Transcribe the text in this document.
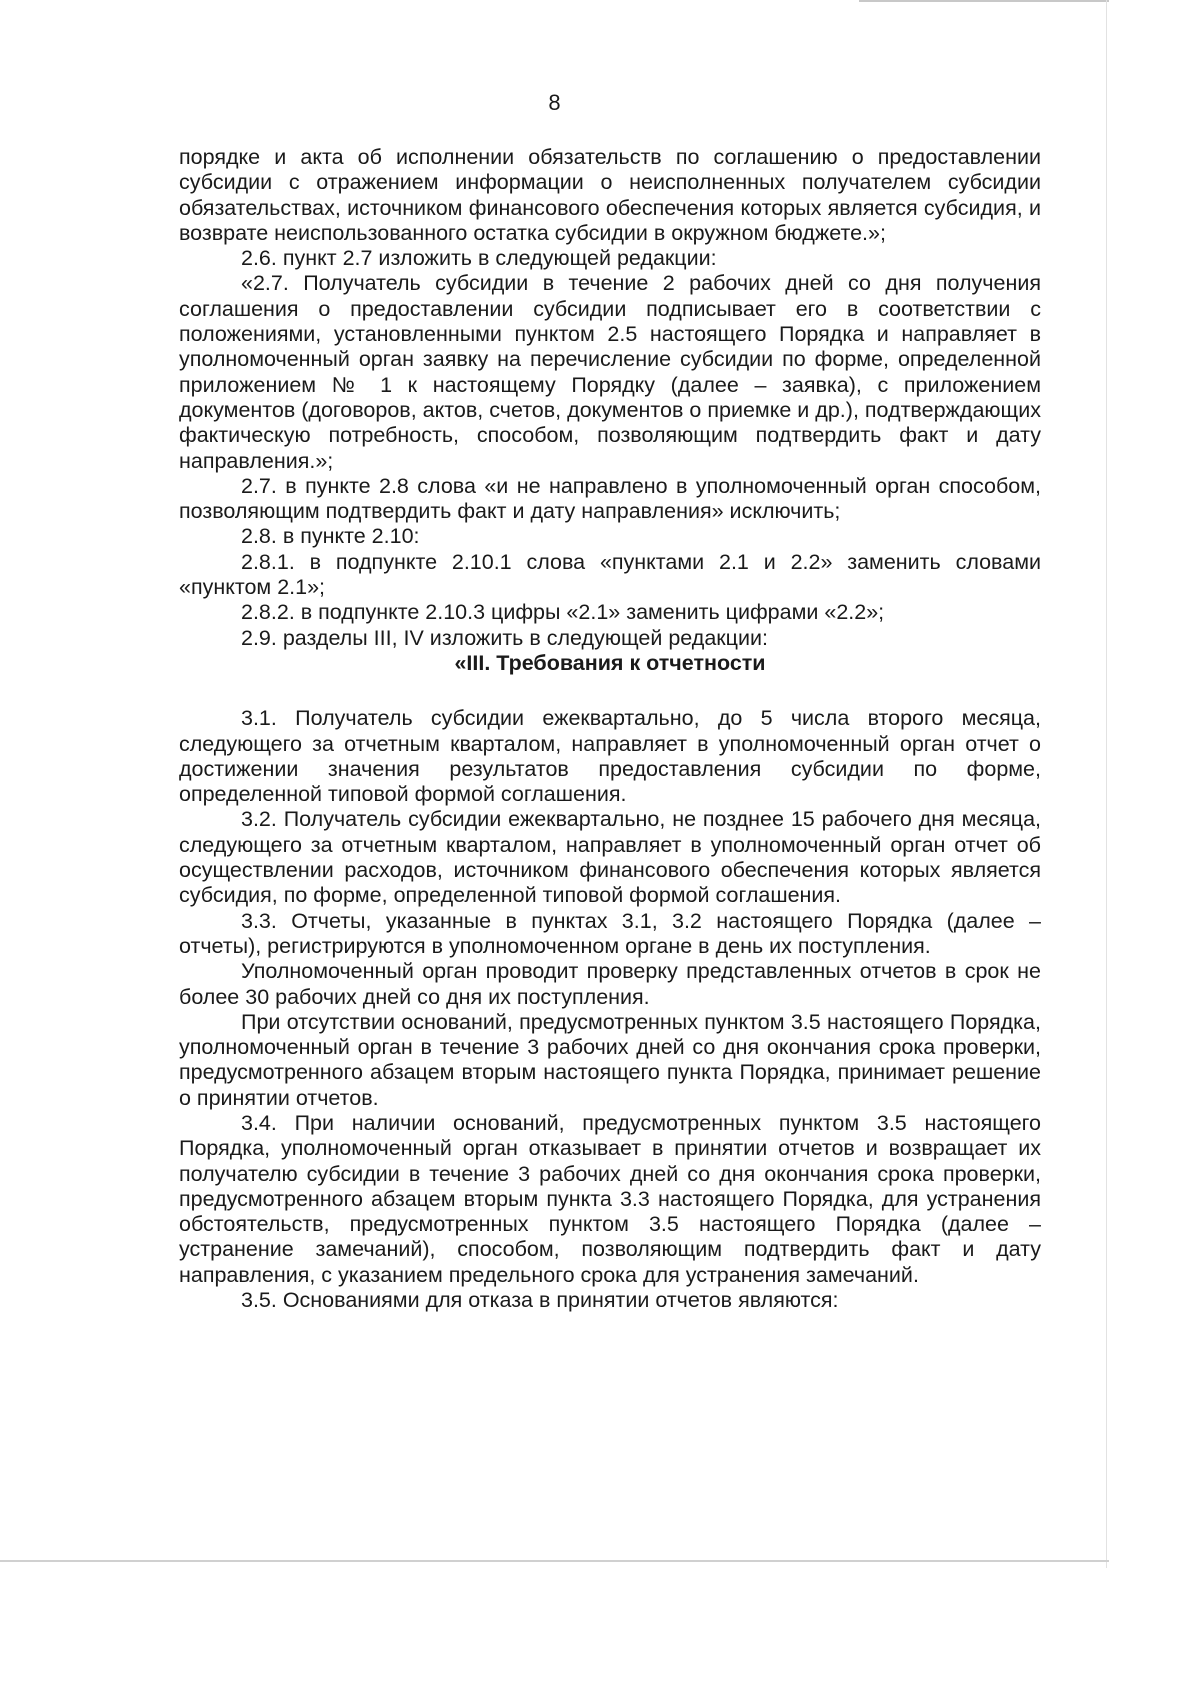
8

порядке и акта об исполнении обязательств по соглашению о предоставлении субсидии с отражением информации о неисполненных получателем субсидии обязательствах, источником финансового обеспечения которых является субсидия, и возврате неиспользованного остатка субсидии в окружном бюджете.»;

2.6. пункт 2.7 изложить в следующей редакции:

«2.7. Получатель субсидии в течение 2 рабочих дней со дня получения соглашения о предоставлении субсидии подписывает его в соответствии с положениями, установленными пунктом 2.5 настоящего Порядка и направляет в уполномоченный орган заявку на перечисление субсидии по форме, определенной приложением № 1 к настоящему Порядку (далее – заявка), с приложением документов (договоров, актов, счетов, документов о приемке и др.), подтверждающих фактическую потребность, способом, позволяющим подтвердить факт и дату направления.»;

2.7. в пункте 2.8 слова «и не направлено в уполномоченный орган способом, позволяющим подтвердить факт и дату направления» исключить;

2.8. в пункте 2.10:

2.8.1. в подпункте 2.10.1 слова «пунктами 2.1 и 2.2» заменить словами «пунктом 2.1»;

2.8.2. в подпункте 2.10.3 цифры «2.1» заменить цифрами «2.2»;

2.9. разделы III, IV изложить в следующей редакции:

«III. Требования к отчетности

3.1. Получатель субсидии ежеквартально, до 5 числа второго месяца, следующего за отчетным кварталом, направляет в уполномоченный орган отчет о достижении значения результатов предоставления субсидии по форме, определенной типовой формой соглашения.

3.2. Получатель субсидии ежеквартально, не позднее 15 рабочего дня месяца, следующего за отчетным кварталом, направляет в уполномоченный орган отчет об осуществлении расходов, источником финансового обеспечения которых является субсидия, по форме, определенной типовой формой соглашения.

3.3. Отчеты, указанные в пунктах 3.1, 3.2 настоящего Порядка (далее – отчеты), регистрируются в уполномоченном органе в день их поступления.

Уполномоченный орган проводит проверку представленных отчетов в срок не более 30 рабочих дней со дня их поступления.

При отсутствии оснований, предусмотренных пунктом 3.5 настоящего Порядка, уполномоченный орган в течение 3 рабочих дней со дня окончания срока проверки, предусмотренного абзацем вторым настоящего пункта Порядка, принимает решение о принятии отчетов.

3.4. При наличии оснований, предусмотренных пунктом 3.5 настоящего Порядка, уполномоченный орган отказывает в принятии отчетов и возвращает их получателю субсидии в течение 3 рабочих дней со дня окончания срока проверки, предусмотренного абзацем вторым пункта 3.3 настоящего Порядка, для устранения обстоятельств, предусмотренных пунктом 3.5 настоящего Порядка (далее – устранение замечаний), способом, позволяющим подтвердить факт и дату направления, с указанием предельного срока для устранения замечаний.

3.5. Основаниями для отказа в принятии отчетов являются:
